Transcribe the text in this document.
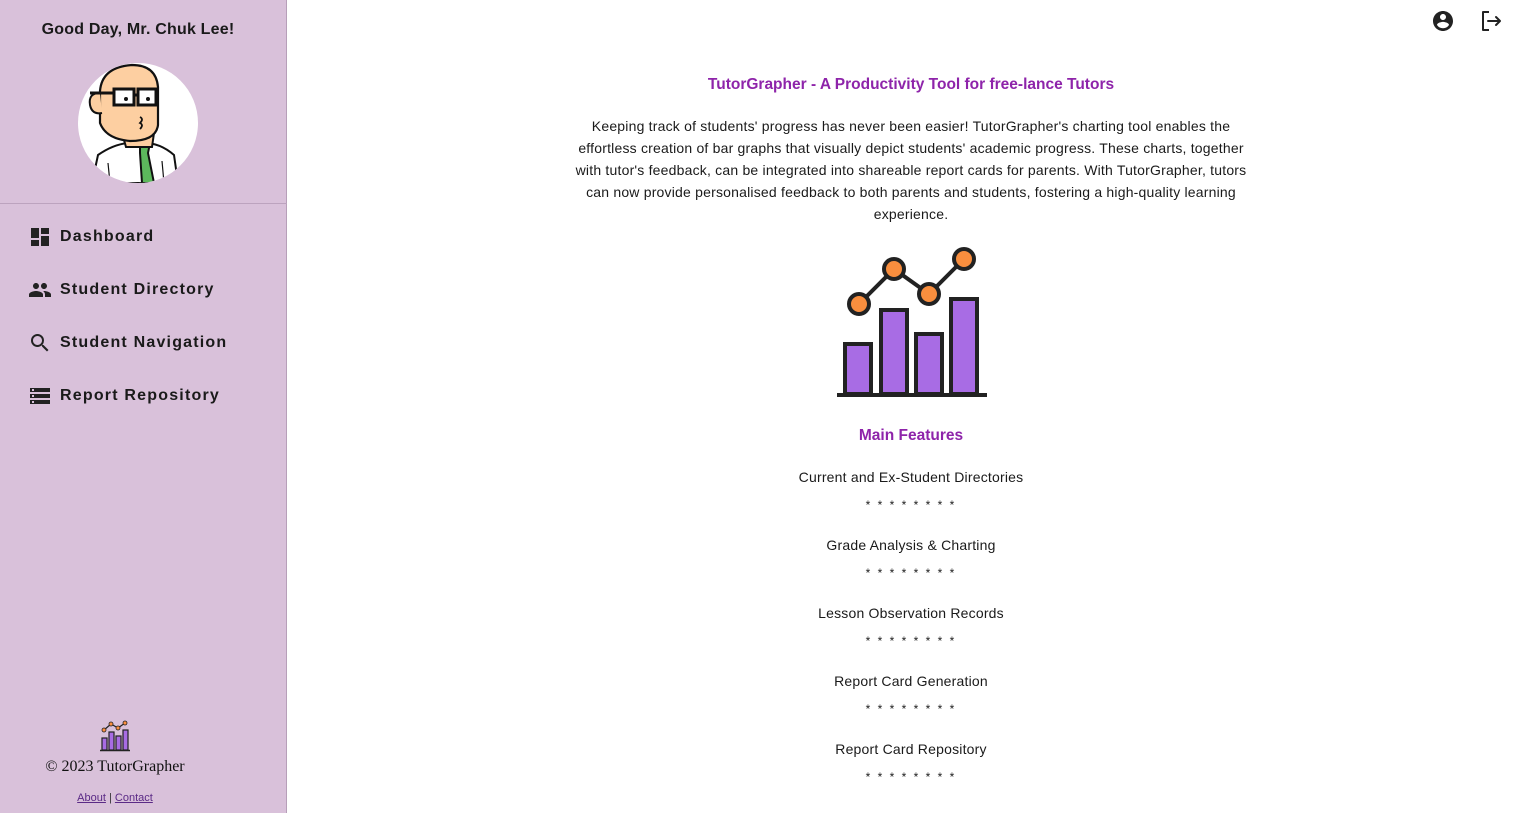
Good Day, Mr. Chuk Lee!
Dashboard
Student Directory
Student Navigation
Report Repository
© 2023 TutorGrapher
About | Contact
TutorGrapher - A Productivity Tool for free-lance Tutors
Keeping track of students' progress has never been easier! TutorGrapher's charting tool enables the effortless creation of bar graphs that visually depict students' academic progress. These charts, together with tutor's feedback, can be integrated into shareable report cards for parents. With TutorGrapher, tutors can now provide personalised feedback to both parents and students, fostering a high-quality learning experience.
Main Features
Current and Ex-Student Directories
* * * * * * * *
Grade Analysis & Charting
* * * * * * * *
Lesson Observation Records
* * * * * * * *
Report Card Generation
* * * * * * * *
Report Card Repository
* * * * * * * *
